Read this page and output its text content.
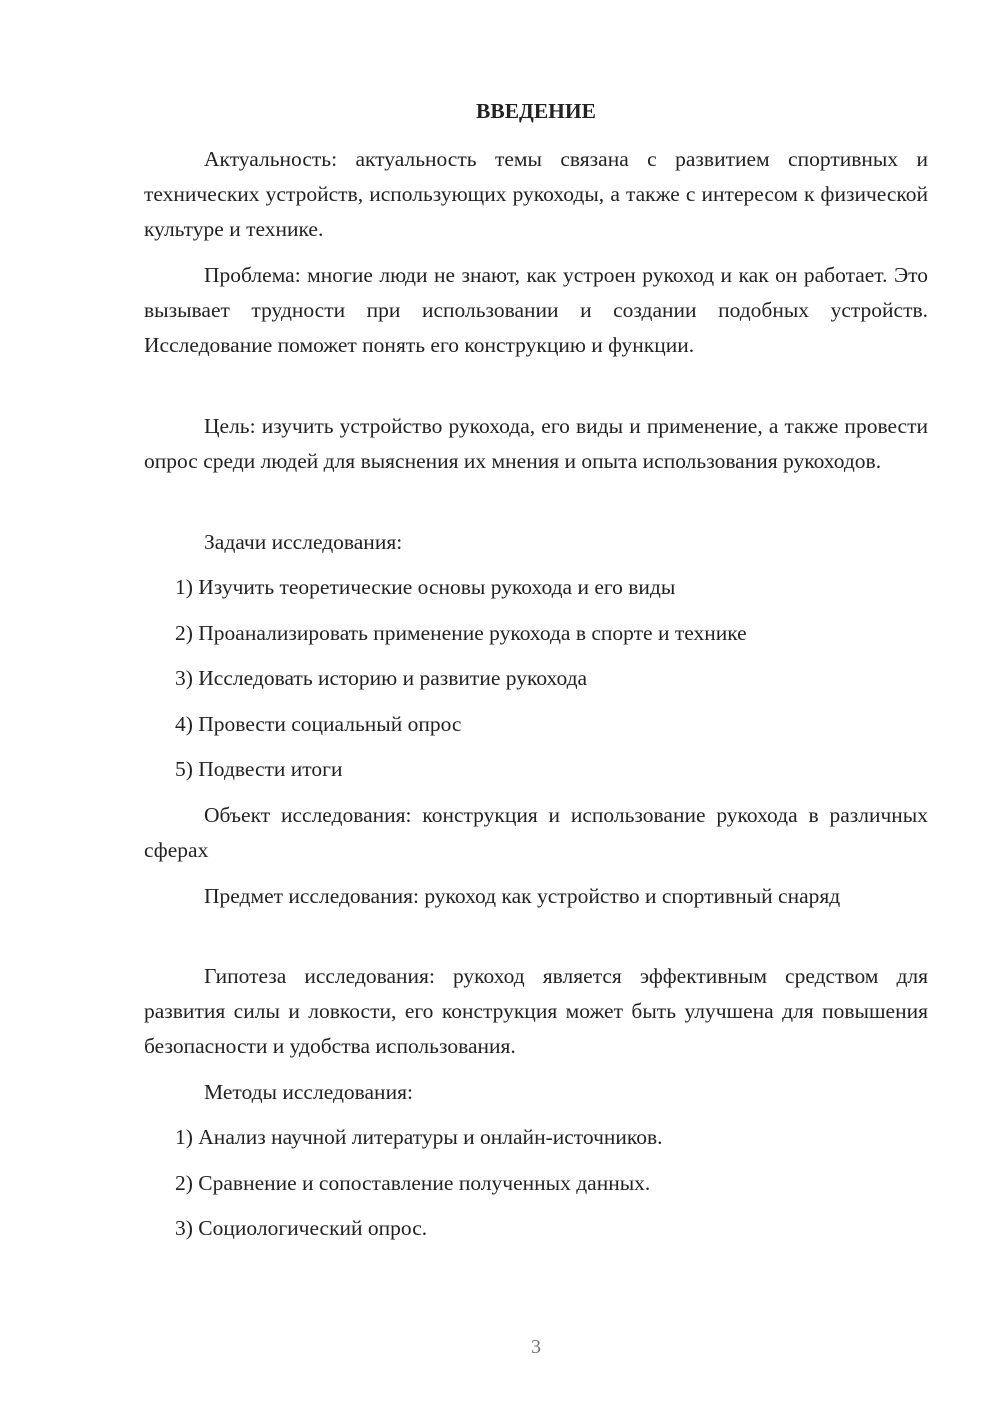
ВВЕДЕНИЕ

Актуальность: актуальность темы связана с развитием спортивных и технических устройств, использующих рукоходы, а также с интересом к физической культуре и технике.

Проблема: многие люди не знают, как устроен рукоход и как он работает. Это вызывает трудности при использовании и создании подобных устройств. Исследование поможет понять его конструкцию и функции.

Цель: изучить устройство рукохода, его виды и применение, а также провести опрос среди людей для выяснения их мнения и опыта использования рукоходов.

Задачи исследования:

1) Изучить теоретические основы рукохода и его виды

2) Проанализировать применение рукохода в спорте и технике

3) Исследовать историю и развитие рукохода

4) Провести социальный опрос

5) Подвести итоги

Объект исследования: конструкция и использование рукохода в различных сферах

Предмет исследования: рукоход как устройство и спортивный снаряд

Гипотеза исследования: рукоход является эффективным средством для развития силы и ловкости, его конструкция может быть улучшена для повышения безопасности и удобства использования.

Методы исследования:

1) Анализ научной литературы и онлайн-источников.

2) Сравнение и сопоставление полученных данных.

3) Социологический опрос.

3
